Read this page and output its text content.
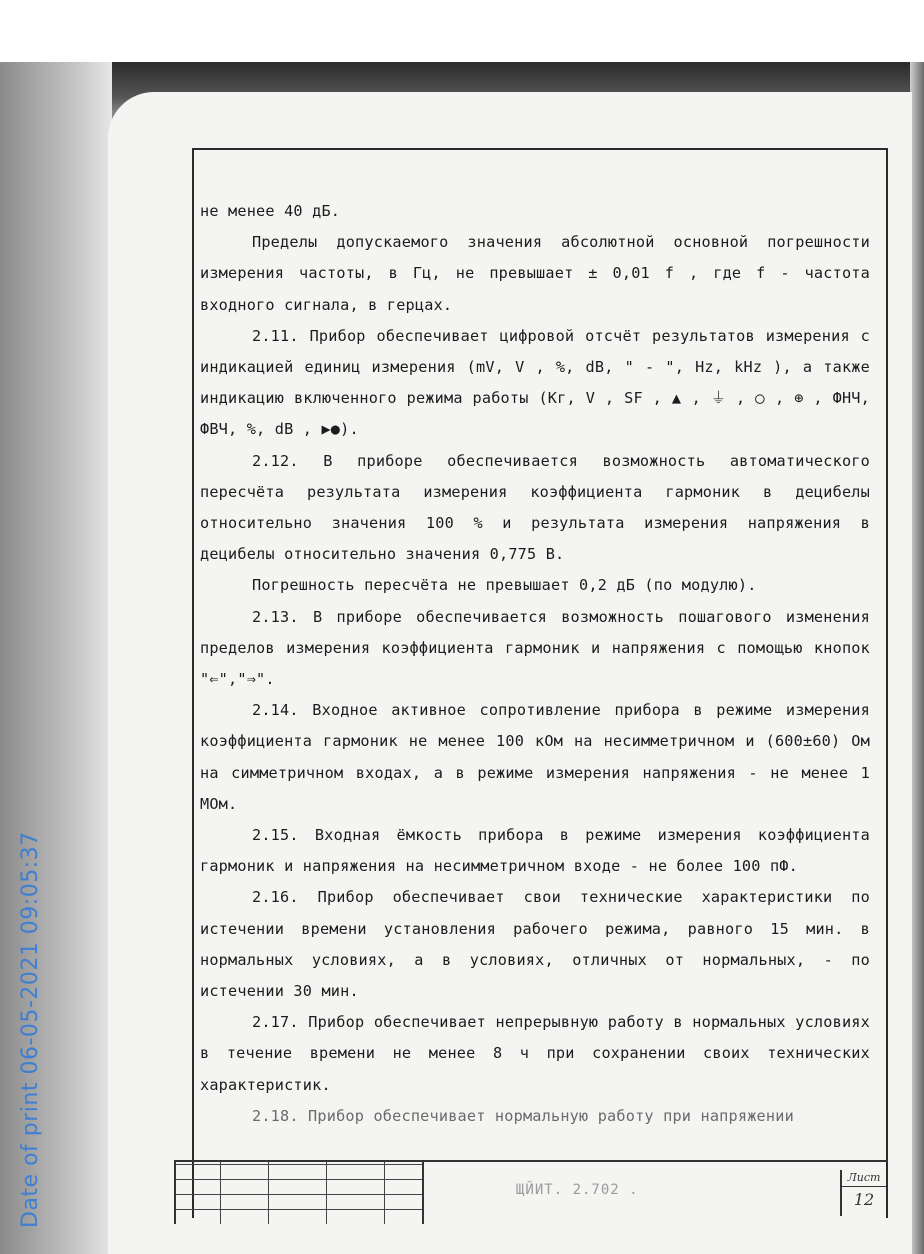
Date of print 06-05-2021 09:05:37

не менее 40 дБ.

Пределы допускаемого значения абсолютной основной погрешности измерения частоты, в Гц, не превышает ± 0,01 f , где f - частота входного сигнала, в герцах.

2.11. Прибор обеспечивает цифровой отсчёт результатов измерения с индикацией единиц измерения (mV, V , %, dB, " - ", Hz, kHz ), а также индикацию включенного режима работы (Кг, V , SF , ▲ , ⏚ , ◯ , ⊕ , ФНЧ, ФВЧ, %, dB , ▶●).

2.12. В приборе обеспечивается возможность автоматического пересчёта результата измерения коэффициента гармоник в децибелы относительно значения 100 % и результата измерения напряжения в децибелы относительно значения 0,775 В.

Погрешность пересчёта не превышает 0,2 дБ (по модулю).

2.13. В приборе обеспечивается возможность пошагового изменения пределов измерения коэффициента гармоник и напряжения с помощью кнопок "⇐","⇒".

2.14. Входное активное сопротивление прибора в режиме измерения коэффициента гармоник не менее 100 кОм на несимметричном и (600±60) Ом на симметричном входах, а в режиме измерения напряжения - не менее 1 МОм.

2.15. Входная ёмкость прибора в режиме измерения коэффициента гармоник и напряжения на несимметричном входе - не более 100 пФ.

2.16. Прибор обеспечивает свои технические характеристики по истечении времени установления рабочего режима, равного 15 мин. в нормальных условиях, а в условиях, отличных от нормальных, - по истечении 30 мин.

2.17. Прибор обеспечивает непрерывную работу в нормальных условиях в течение времени не менее 8 ч при сохранении своих технических характеристик.

2.18. Прибор обеспечивает нормальную работу при напряжении

ЩЙИТ. 2.702 .
Лист
12
